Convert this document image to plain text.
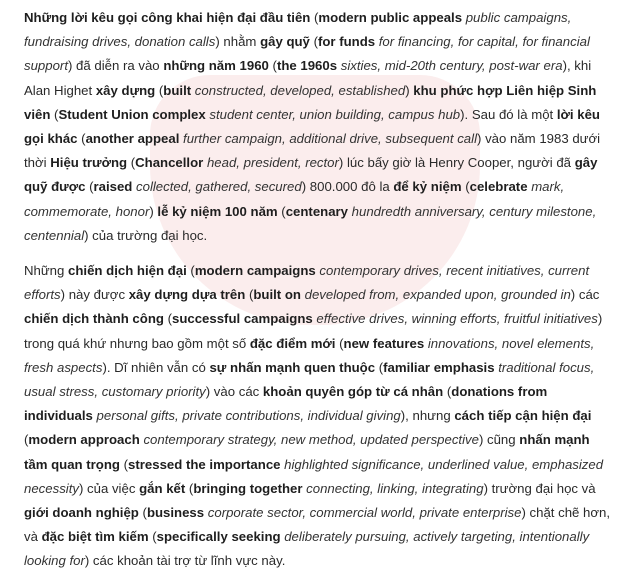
Những lời kêu gọi công khai hiện đại đầu tiên (modern public appeals public campaigns, fundraising drives, donation calls) nhằm gây quỹ (for funds for financing, for capital, for financial support) đã diễn ra vào những năm 1960 (the 1960s sixties, mid-20th century, post-war era), khi Alan Highet xây dựng (built constructed, developed, established) khu phức hợp Liên hiệp Sinh viên (Student Union complex student center, union building, campus hub). Sau đó là một lời kêu gọi khác (another appeal further campaign, additional drive, subsequent call) vào năm 1983 dưới thời Hiệu trưởng (Chancellor head, president, rector) lúc bấy giờ là Henry Cooper, người đã gây quỹ được (raised collected, gathered, secured) 800.000 đô la để kỷ niệm (celebrate mark, commemorate, honor) lễ kỷ niệm 100 năm (centenary hundredth anniversary, century milestone, centennial) của trường đại học.

Những chiến dịch hiện đại (modern campaigns contemporary drives, recent initiatives, current efforts) này được xây dựng dựa trên (built on developed from, expanded upon, grounded in) các chiến dịch thành công (successful campaigns effective drives, winning efforts, fruitful initiatives) trong quá khứ nhưng bao gồm một số đặc điểm mới (new features innovations, novel elements, fresh aspects). Dĩ nhiên vẫn có sự nhấn mạnh quen thuộc (familiar emphasis traditional focus, usual stress, customary priority) vào các khoản quyên góp từ cá nhân (donations from individuals personal gifts, private contributions, individual giving), nhưng cách tiếp cận hiện đại (modern approach contemporary strategy, new method, updated perspective) cũng nhấn mạnh tầm quan trọng (stressed the importance highlighted significance, underlined value, emphasized necessity) của việc gắn kết (bringing together connecting, linking, integrating) trường đại học và giới doanh nghiệp (business corporate sector, commercial world, private enterprise) chặt chẽ hơn, và đặc biệt tìm kiếm (specifically seeking deliberately pursuing, actively targeting, intentionally looking for) các khoản tài trợ từ lĩnh vực này.
